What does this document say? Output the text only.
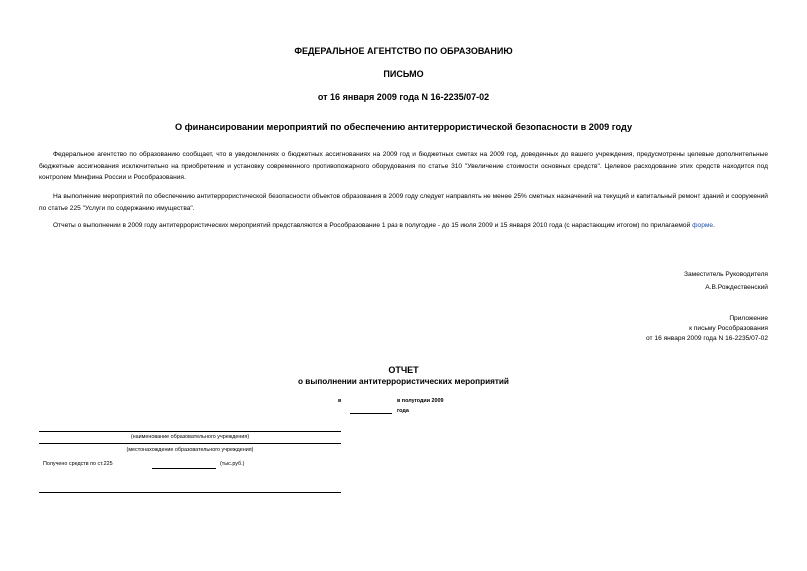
ФЕДЕРАЛЬНОЕ АГЕНТСТВО ПО ОБРАЗОВАНИЮ
ПИСЬМО
от 16 января 2009 года N 16-2235/07-02
О финансировании мероприятий по обеспечению антитеррористической безопасности в 2009 году
Федеральное агентство по образованию сообщает, что в уведомлениях о бюджетных ассигнованиях на 2009 год и бюджетных сметах на 2009 год, доведенных до вашего учреждения, предусмотрены целевые дополнительные бюджетные ассигнования исключительно на приобретение и установку современного противопожарного оборудования по статье 310 "Увеличение стоимости основных средств". Целевое расходование этих средств находится под контролем Минфина России и Рособразования.
На выполнение мероприятий по обеспечению антитеррористической безопасности объектов образования в 2009 году следует направлять не менее 25% сметных назначений на текущий и капитальный ремонт зданий и сооружений по статье 225 "Услуги по содержанию имущества".
Отчеты о выполнении в 2009 году антитеррористических мероприятий представляются в Рособразование 1 раз в полугодие - до 15 июля 2009 и 15 января 2010 года (с нарастающим итогом) по прилагаемой форме.
Заместитель Руководителя
А.В.Рождественский
Приложение
к письму Рособразования
от 16 января 2009 года N 16-2235/07-02
ОТЧЕТ
о выполнении антитеррористических мероприятий
в	в полугодии 2009
года
(наименование образовательного учреждения)
(местонахождение образовательного учреждения)
Получено средств по ст.225	(тыс.руб.)
